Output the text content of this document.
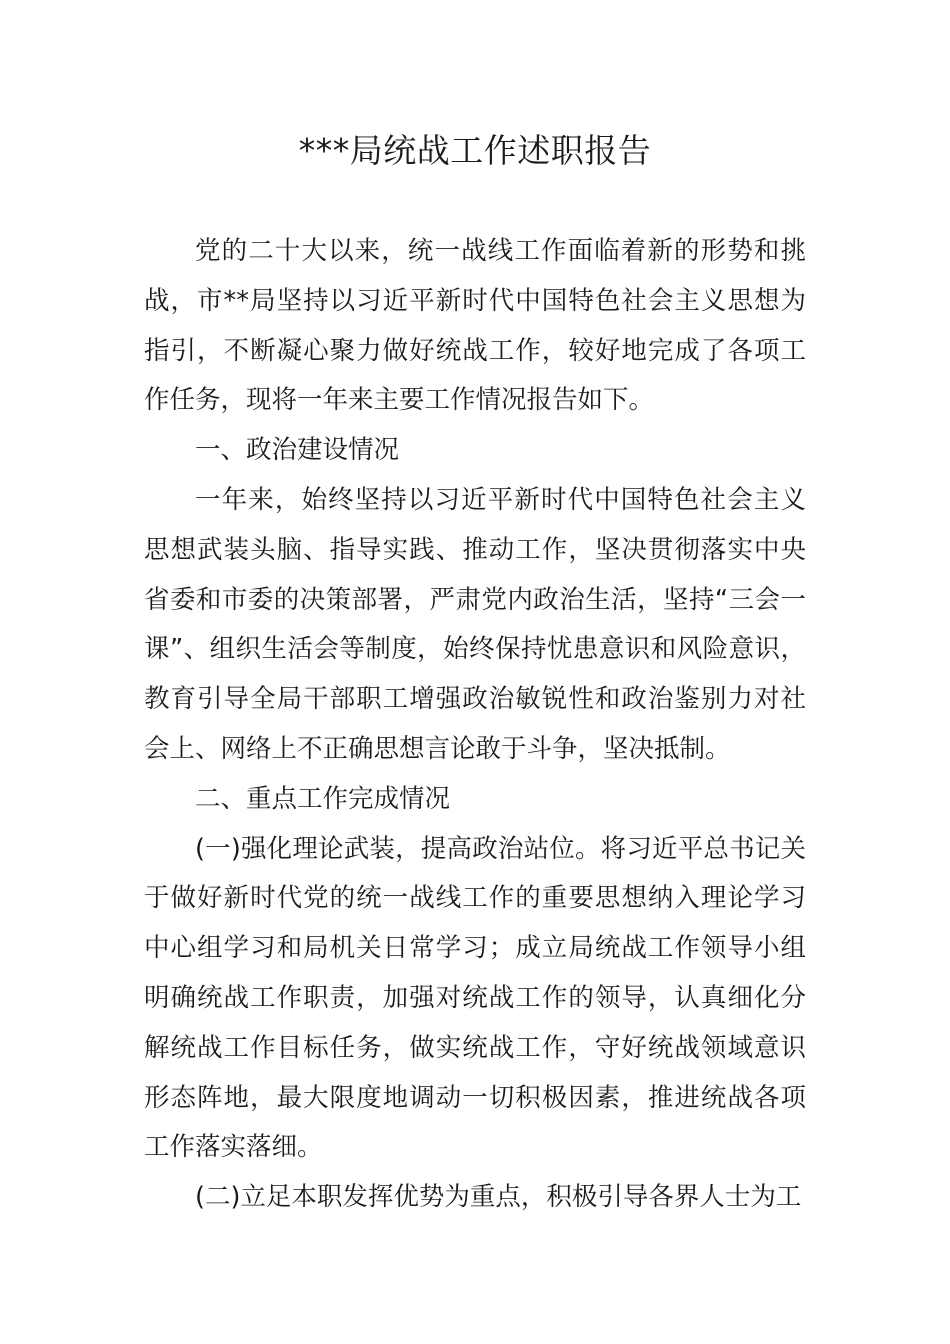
***局统战工作述职报告

党的二十大以来，统一战线工作面临着新的形势和挑战，市**局坚持以习近平新时代中国特色社会主义思想为指引，不断凝心聚力做好统战工作，较好地完成了各项工作任务，现将一年来主要工作情况报告如下。

一、政治建设情况

一年来，始终坚持以习近平新时代中国特色社会主义思想武装头脑、指导实践、推动工作，坚决贯彻落实中央省委和市委的决策部署，严肃党内政治生活，坚持“三会一课”、组织生活会等制度，始终保持忧患意识和风险意识，教育引导全局干部职工增强政治敏锐性和政治鉴别力对社会上、网络上不正确思想言论敢于斗争，坚决抵制。

二、重点工作完成情况

(一)强化理论武装，提高政治站位。将习近平总书记关于做好新时代党的统一战线工作的重要思想纳入理论学习中心组学习和局机关日常学习；成立局统战工作领导小组明确统战工作职责，加强对统战工作的领导，认真细化分解统战工作目标任务，做实统战工作，守好统战领域意识形态阵地，最大限度地调动一切积极因素，推进统战各项工作落实落细。

(二)立足本职发挥优势为重点，积极引导各界人士为工
